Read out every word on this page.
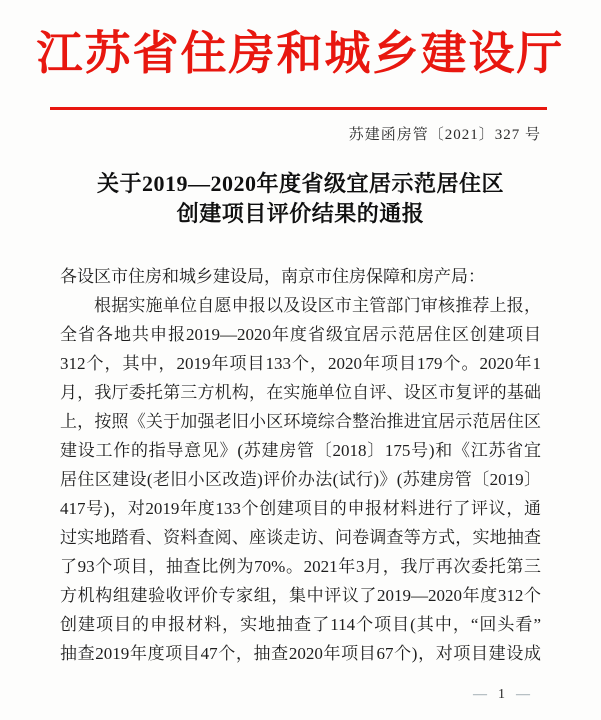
江苏省住房和城乡建设厅
苏建函房管〔2021〕327 号
关于2019—2020年度省级宜居示范居住区
创建项目评价结果的通报
各设区市住房和城乡建设局，南京市住房保障和房产局：
根据实施单位自愿申报以及设区市主管部门审核推荐上报，
全省各地共申报2019—2020年度省级宜居示范居住区创建项目
312个，其中，2019年项目133个，2020年项目179个。2020年1
月，我厅委托第三方机构，在实施单位自评、设区市复评的基础
上，按照《关于加强老旧小区环境综合整治推进宜居示范居住区
建设工作的指导意见》(苏建房管〔2018〕175号)和《江苏省宜
居住区建设(老旧小区改造)评价办法(试行)》(苏建房管〔2019〕
417号)，对2019年度133个创建项目的申报材料进行了评议，通
过实地踏看、资料查阅、座谈走访、问卷调查等方式，实地抽查
了93个项目，抽查比例为70%。2021年3月，我厅再次委托第三
方机构组建验收评价专家组，集中评议了2019—2020年度312个
创建项目的申报材料，实地抽查了114个项目(其中，“回头看”
抽查2019年度项目47个，抽查2020年项目67个)，对项目建设成
— 1 —
